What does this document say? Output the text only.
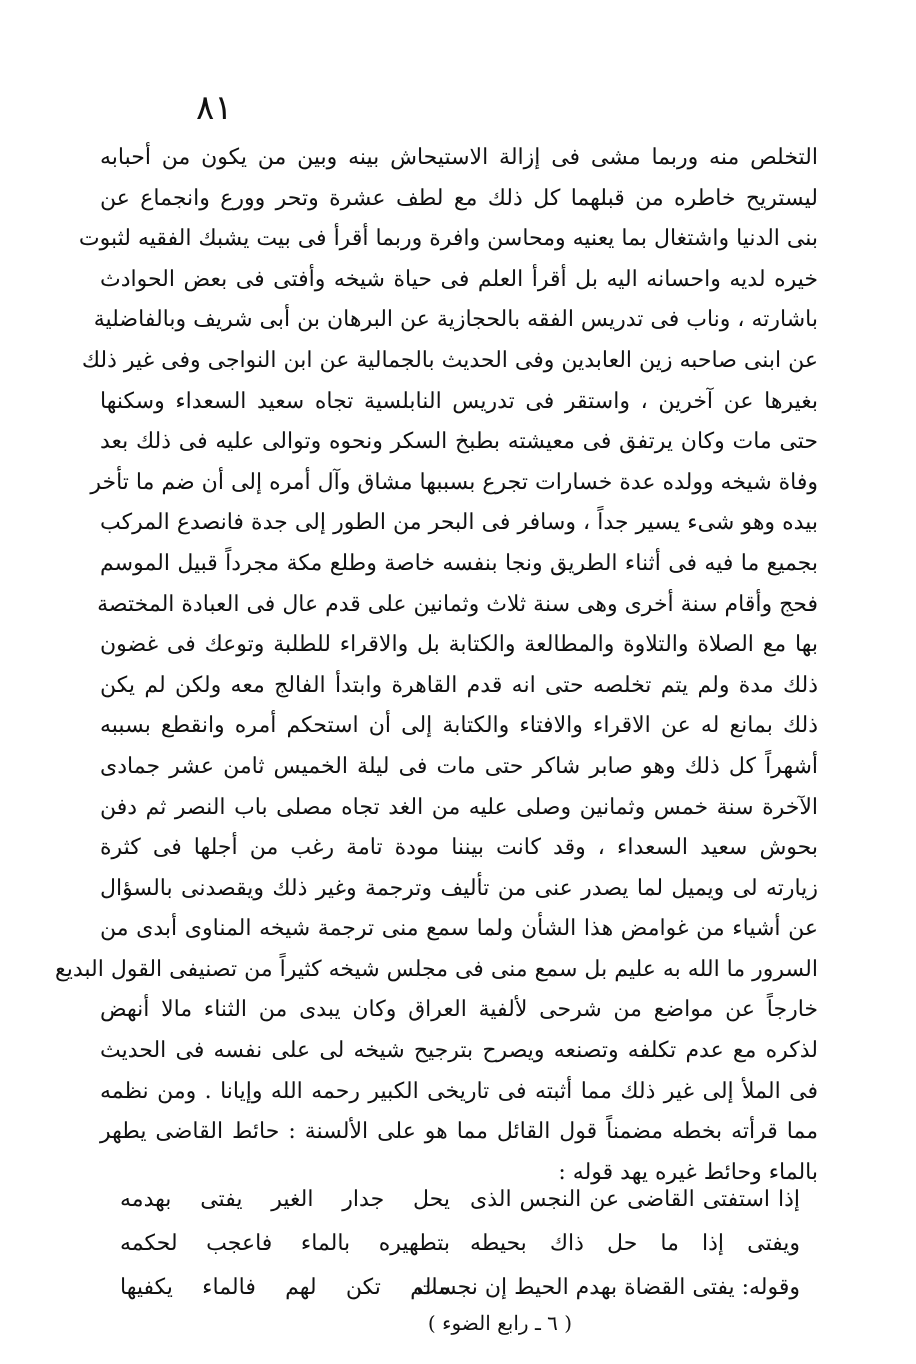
٨١
التخلص منه وربما مشى فى إزالة الاستيحاش بينه وبين من يكون من أحبابه
ليستريح خاطره من قبلهما كل ذلك مع لطف عشرة وتحر وورع وانجماع عن
بنى الدنيا واشتغال بما يعنيه ومحاسن وافرة وربما أقرأ فى بيت يشبك الفقيه لثبوت
خيره لديه واحسانه اليه بل أقرأ العلم فى حياة شيخه وأفتى فى بعض الحوادث
باشارته ، وناب فى تدريس الفقه بالحجازية عن البرهان بن أبى شريف وبالفاضلية
عن ابنى صاحبه زين العابدين وفى الحديث بالجمالية عن ابن النواجى وفى غير ذلك
بغيرها عن آخرين ، واستقر فى تدريس النابلسية تجاه سعيد السعداء وسكنها
حتى مات وكان يرتفق فى معيشته بطبخ السكر ونحوه وتوالى عليه فى ذلك بعد
وفاة شيخه وولده عدة خسارات تجرع بسببها مشاق وآل أمره إلى أن ضم ما تأخر
بيده وهو شىء يسير جداً ، وسافر فى البحر من الطور إلى جدة فانصدع المركب
بجميع ما فيه فى أثناء الطريق ونجا بنفسه خاصة وطلع مكة مجرداً قبيل الموسم
فحج وأقام سنة أخرى وهى سنة ثلاث وثمانين على قدم عال فى العبادة المختصة
بها مع الصلاة والتلاوة والمطالعة والكتابة بل والاقراء للطلبة وتوعك فى غضون
ذلك مدة ولم يتم تخلصه حتى انه قدم القاهرة وابتدأ الفالج معه ولكن لم يكن
ذلك بمانع له عن الاقراء والافتاء والكتابة إلى أن استحكم أمره وانقطع بسببه
أشهراً كل ذلك وهو صابر شاكر حتى مات فى ليلة الخميس ثامن عشر جمادى
الآخرة سنة خمس وثمانين وصلى عليه من الغد تجاه مصلى باب النصر ثم دفن
بحوش سعيد السعداء ، وقد كانت بيننا مودة تامة رغب من أجلها فى كثرة
زيارته لى ويميل لما يصدر عنى من تأليف وترجمة وغير ذلك ويقصدنى بالسؤال
عن أشياء من غوامض هذا الشأن ولما سمع منى ترجمة شيخه المناوى أبدى من
السرور ما الله به عليم بل سمع منى فى مجلس شيخه كثيراً من تصنيفى القول البديع
خارجاً عن مواضع من شرحى لألفية العراق وكان يبدى من الثناء مالا أنهض
لذكره مع عدم تكلفه وتصنعه ويصرح بترجيح شيخه لى على نفسه فى الحديث
فى الملأ إلى غير ذلك مما أثبته فى تاريخى الكبير رحمه الله وإيانا . ومن نظمه
مما قرأته بخطه مضمناً قول القائل مما هو على الألسنة : حائط القاضى يطهر
بالماء وحائط غيره يهد قوله :
إذا استفتى القاضى عن النجس الذى
يحل جدار الغير يفتى بهدمه
ويفتى إذا ما حل ذاك بحيطه
بتطهيره بالماء فاعجب لحكمه
وقوله: يفتى القضاة بهدم الحيط إن نجست
مالم تكن لهم فالماء يكفيها
( ٦ ـ رابع الضوء )
